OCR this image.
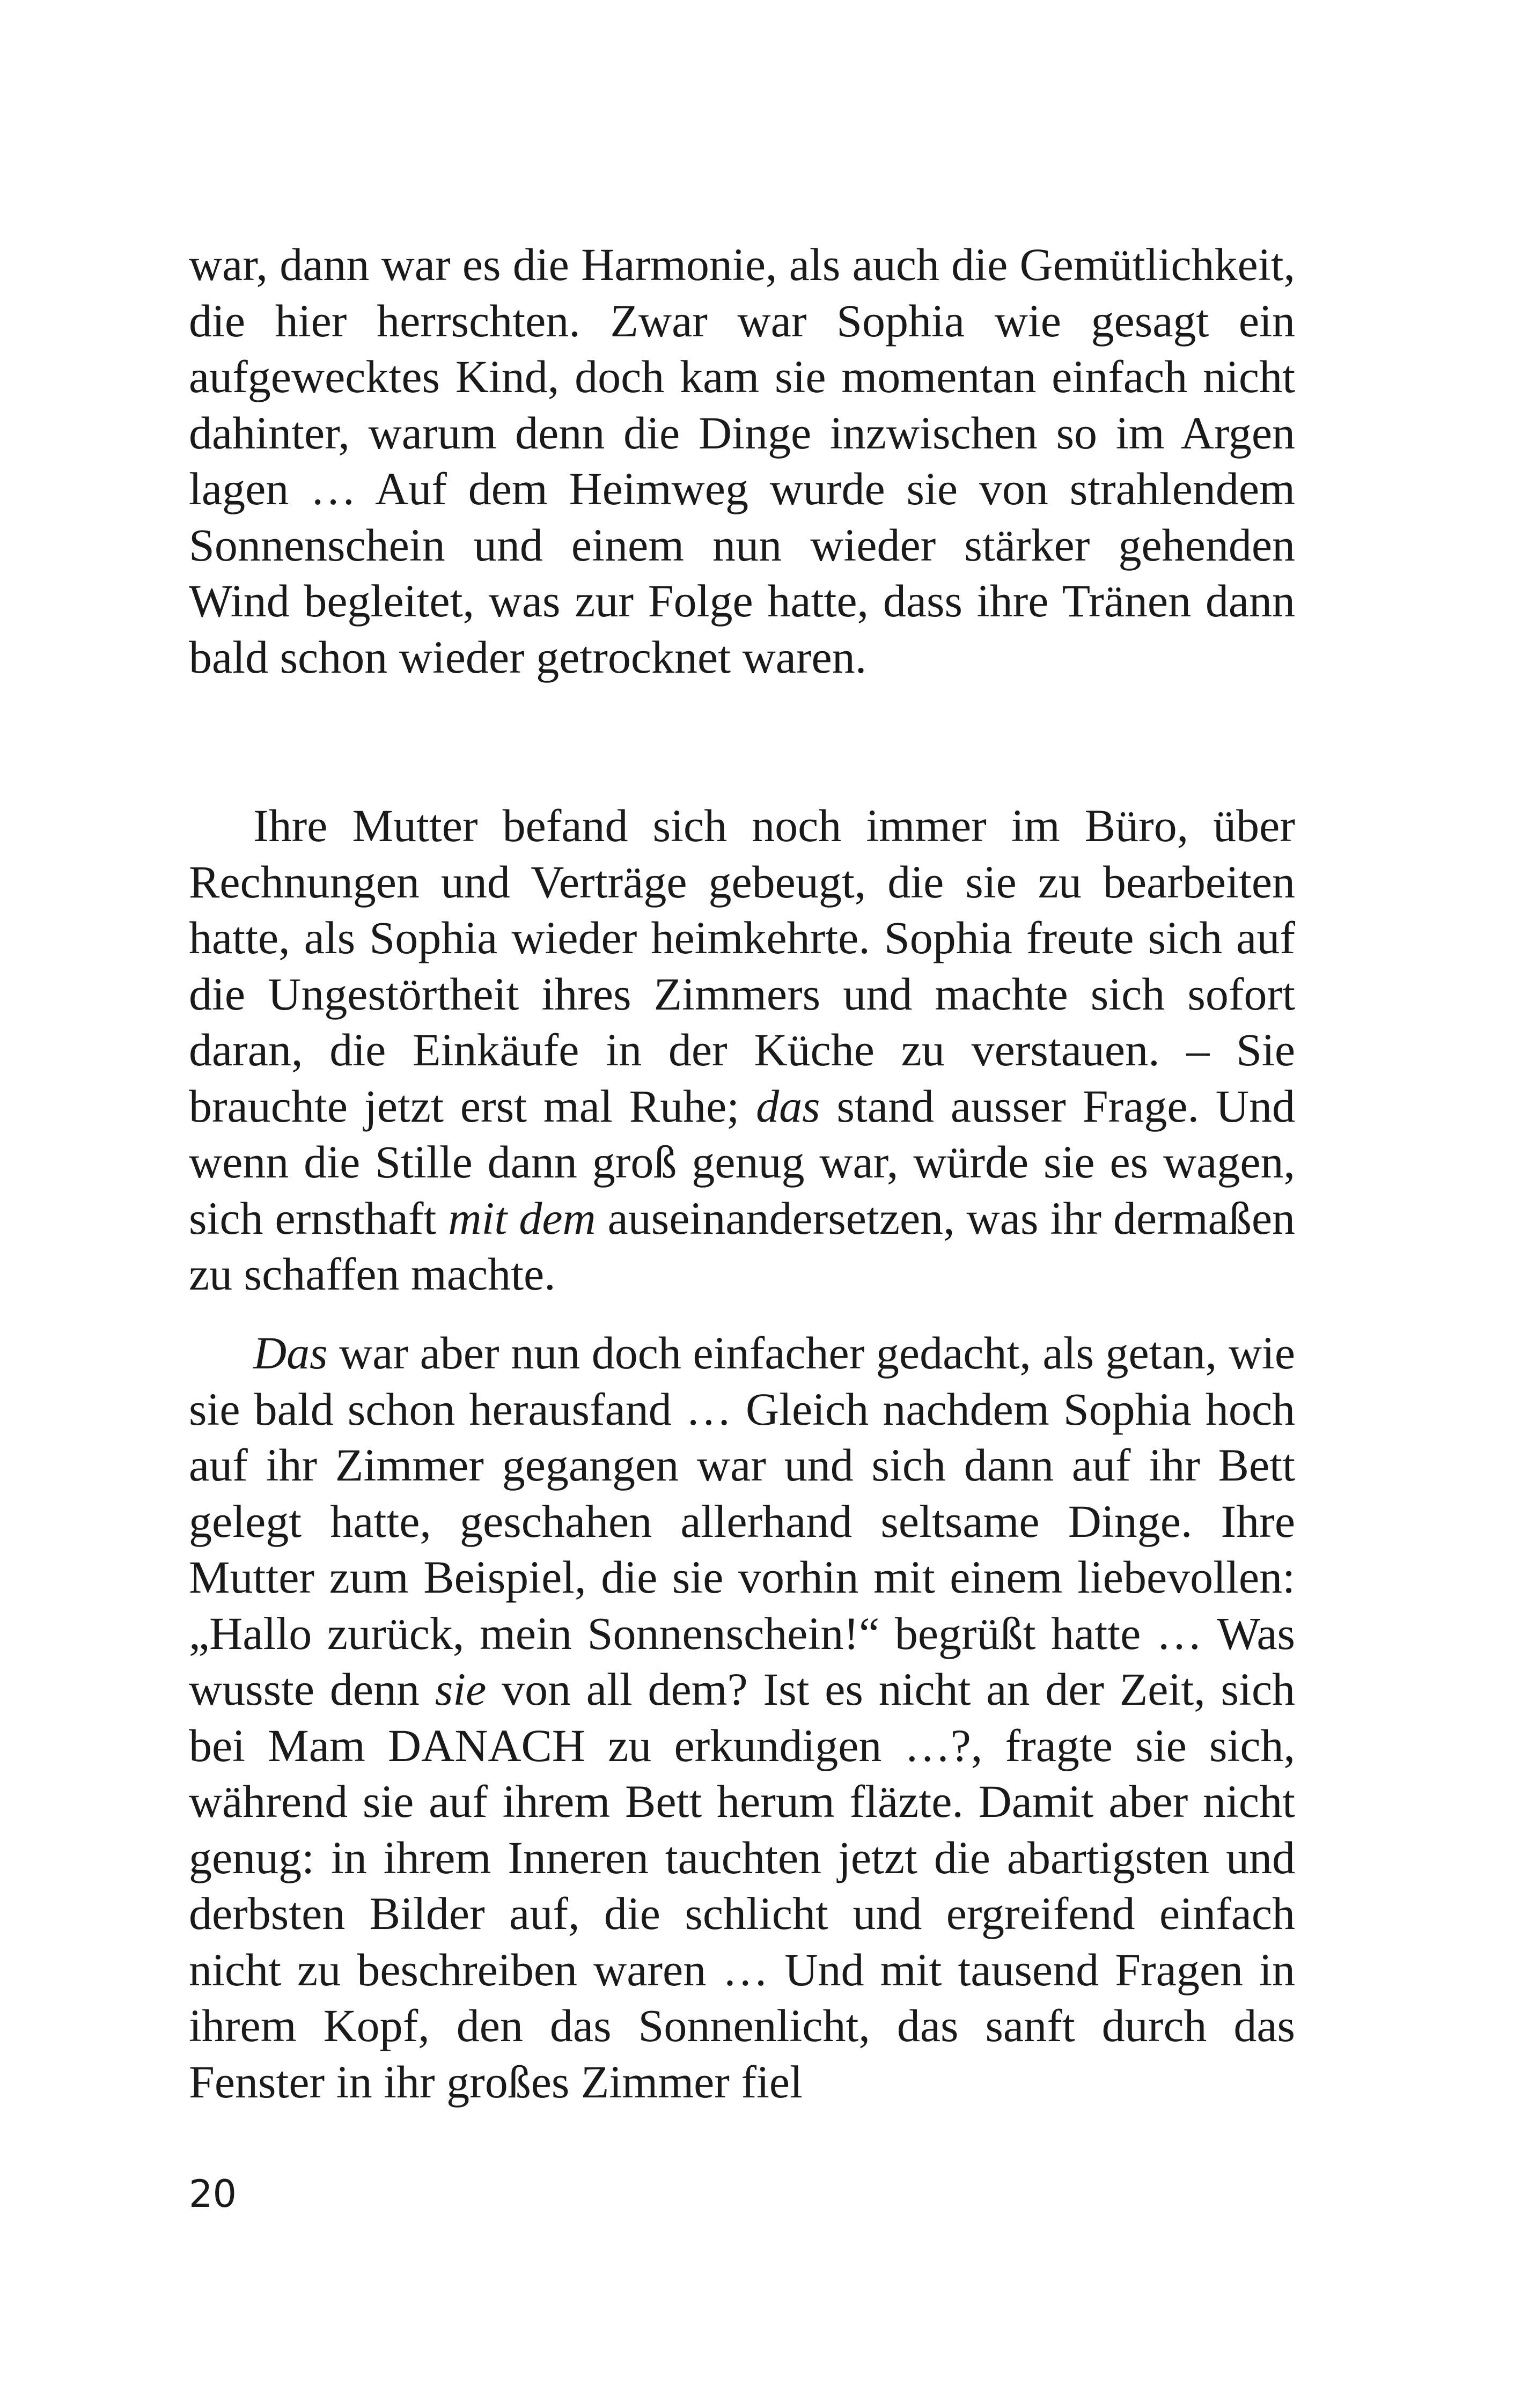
war, dann war es die Harmonie, als auch die Gemütlichkeit, die hier herrschten. Zwar war Sophia wie gesagt ein aufgewecktes Kind, doch kam sie momentan einfach nicht dahinter, warum denn die Dinge inzwischen so im Argen lagen … Auf dem Heimweg wurde sie von strahlendem Sonnenschein und einem nun wieder stärker gehenden Wind begleitet, was zur Folge hatte, dass ihre Tränen dann bald schon wieder getrocknet waren.

Ihre Mutter befand sich noch immer im Büro, über Rechnungen und Verträge gebeugt, die sie zu bearbeiten hatte, als Sophia wieder heimkehrte. Sophia freute sich auf die Ungestörtheit ihres Zimmers und machte sich sofort daran, die Einkäufe in der Küche zu verstauen. – Sie brauchte jetzt erst mal Ruhe; das stand ausser Frage. Und wenn die Stille dann groß genug war, würde sie es wagen, sich ernsthaft mit dem auseinandersetzen, was ihr dermaßen zu schaffen machte.

Das war aber nun doch einfacher gedacht, als getan, wie sie bald schon herausfand … Gleich nachdem Sophia hoch auf ihr Zimmer gegangen war und sich dann auf ihr Bett gelegt hatte, geschahen allerhand seltsame Dinge. Ihre Mutter zum Beispiel, die sie vorhin mit einem liebevollen: „Hallo zurück, mein Sonnenschein!“ begrüßt hatte … Was wusste denn sie von all dem? Ist es nicht an der Zeit, sich bei Mam DANACH zu erkundigen …?, fragte sie sich, während sie auf ihrem Bett herum fläzte. Damit aber nicht genug: in ihrem Inneren tauchten jetzt die abartigsten und derbsten Bilder auf, die schlicht und ergreifend einfach nicht zu beschreiben waren … Und mit tausend Fragen in ihrem Kopf, den das Sonnenlicht, das sanft durch das Fenster in ihr großes Zimmer fiel

20
